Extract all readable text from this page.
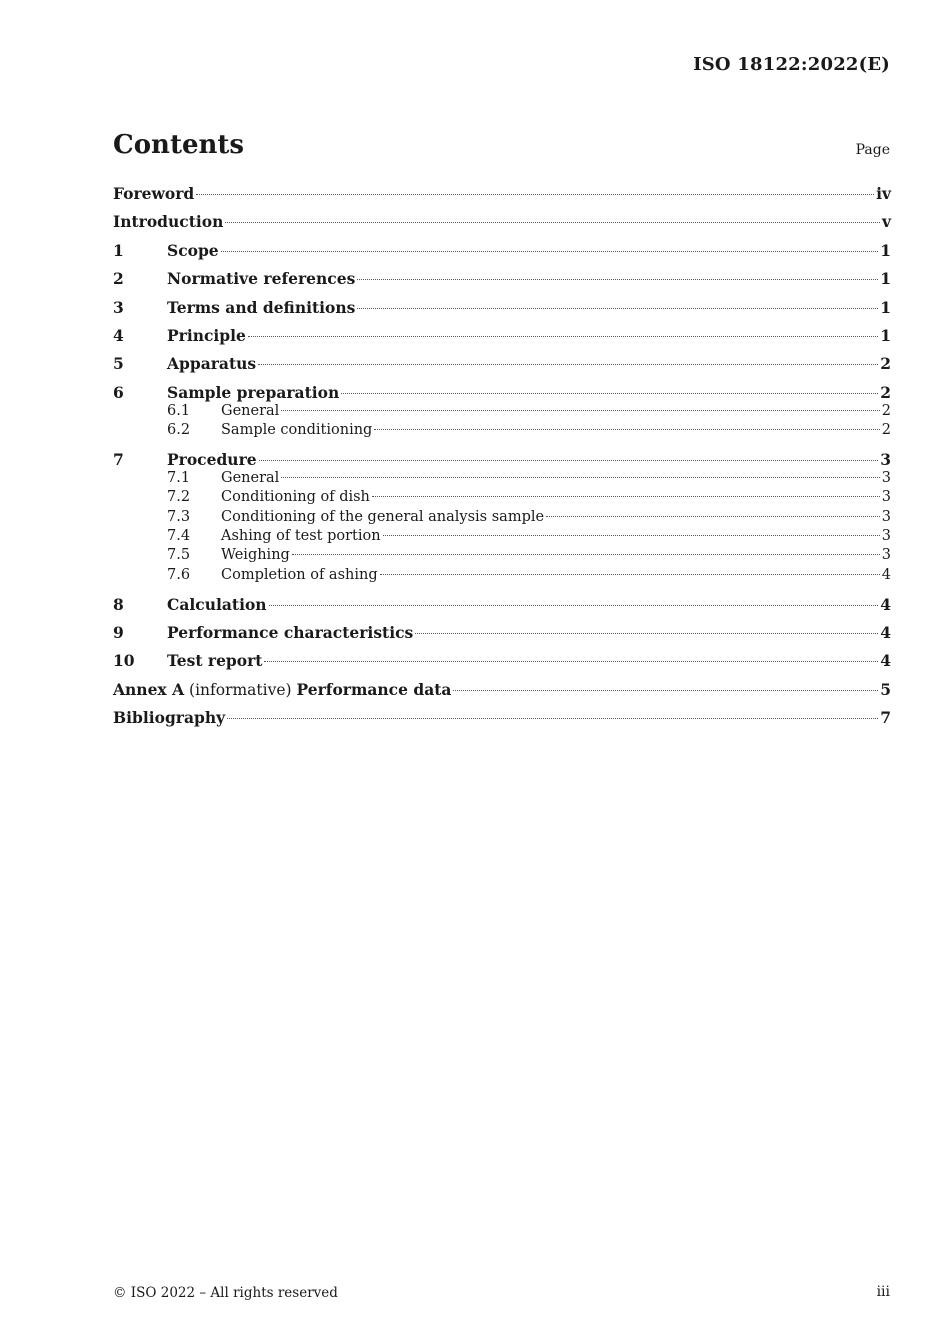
ISO 18122:2022(E)
Contents	Page
Foreword	iv
Introduction	v
1	Scope	1
2	Normative references	1
3	Terms and definitions	1
4	Principle	1
5	Apparatus	2
6	Sample preparation	2
6.1	General	2
6.2	Sample conditioning	2
7	Procedure	3
7.1	General	3
7.2	Conditioning of dish	3
7.3	Conditioning of the general analysis sample	3
7.4	Ashing of test portion	3
7.5	Weighing	3
7.6	Completion of ashing	4
8	Calculation	4
9	Performance characteristics	4
10	Test report	4
Annex A (informative) Performance data	5
Bibliography	7
© ISO 2022 – All rights reserved	iii
